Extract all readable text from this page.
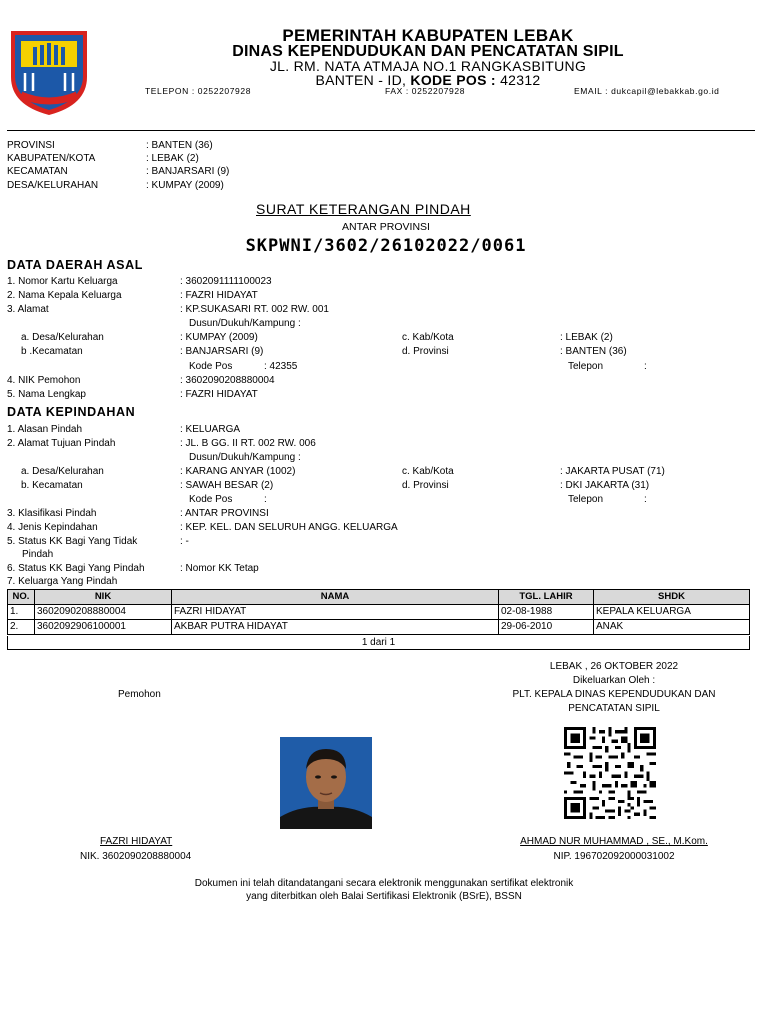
PEMERINTAH KABUPATEN LEBAK
DINAS KEPENDUDUKAN DAN PENCATATAN SIPIL
JL. RM. NATA ATMAJA NO.1 RANGKASBITUNG
BANTEN - ID, KODE POS : 42312
TELEPON : 0252207928	FAX : 0252207928	EMAIL : dukcapil@lebakkab.go.id
PROVINSI	: BANTEN (36)
KABUPATEN/KOTA	: LEBAK (2)
KECAMATAN	: BANJARSARI (9)
DESA/KELURAHAN	: KUMPAY (2009)
SURAT KETERANGAN PINDAH
ANTAR PROVINSI
SKPWNI/3602/26102022/0061
DATA DAERAH ASAL
1. Nomor Kartu Keluarga	: 3602091111100023
2. Nama Kepala Keluarga	: FAZRI HIDAYAT
3. Alamat	: KP.SUKASARI RT. 002 RW. 001
Dusun/Dukuh/Kampung :
a. Desa/Kelurahan	: KUMPAY (2009)	c. Kab/Kota	: LEBAK (2)
b .Kecamatan	: BANJARSARI (9)	d. Provinsi	: BANTEN (36)
Kode Pos	: 42355	Telepon	:
4. NIK Pemohon	: 3602090208880004
5. Nama Lengkap	: FAZRI HIDAYAT
DATA KEPINDAHAN
1. Alasan Pindah	: KELUARGA
2. Alamat Tujuan Pindah	: JL. B GG. II RT. 002 RW. 006
Dusun/Dukuh/Kampung :
a. Desa/Kelurahan	: KARANG ANYAR (1002)	c. Kab/Kota	: JAKARTA PUSAT (71)
b. Kecamatan	: SAWAH BESAR (2)	d. Provinsi	: DKI JAKARTA (31)
Kode Pos	:	Telepon	:
3. Klasifikasi Pindah	: ANTAR PROVINSI
4. Jenis Kepindahan	: KEP. KEL. DAN SELURUH ANGG. KELUARGA
5. Status KK Bagi Yang Tidak
Pindah
: -
6. Status KK Bagi Yang Pindah	: Nomor KK Tetap
7. Keluarga Yang Pindah
NO.	NIK	NAMA	TGL. LAHIR	SHDK
1.	3602090208880004	FAZRI HIDAYAT	02-08-1988	KEPALA KELUARGA
2.	3602092906100001	AKBAR PUTRA HIDAYAT	29-06-2010	ANAK
1 dari 1
LEBAK , 26 OKTOBER 2022
Dikeluarkan Oleh :
Pemohon	PLT. KEPALA DINAS KEPENDUDUKAN DAN
PENCATATAN SIPIL
FAZRI HIDAYAT
NIK. 3602090208880004
AHMAD NUR MUHAMMAD , SE., M.Kom.
NIP. 196702092000031002
Dokumen ini telah ditandatangani secara elektronik menggunakan sertifikat elektronik
yang diterbitkan oleh Balai Sertifikasi Elektronik (BSrE), BSSN
